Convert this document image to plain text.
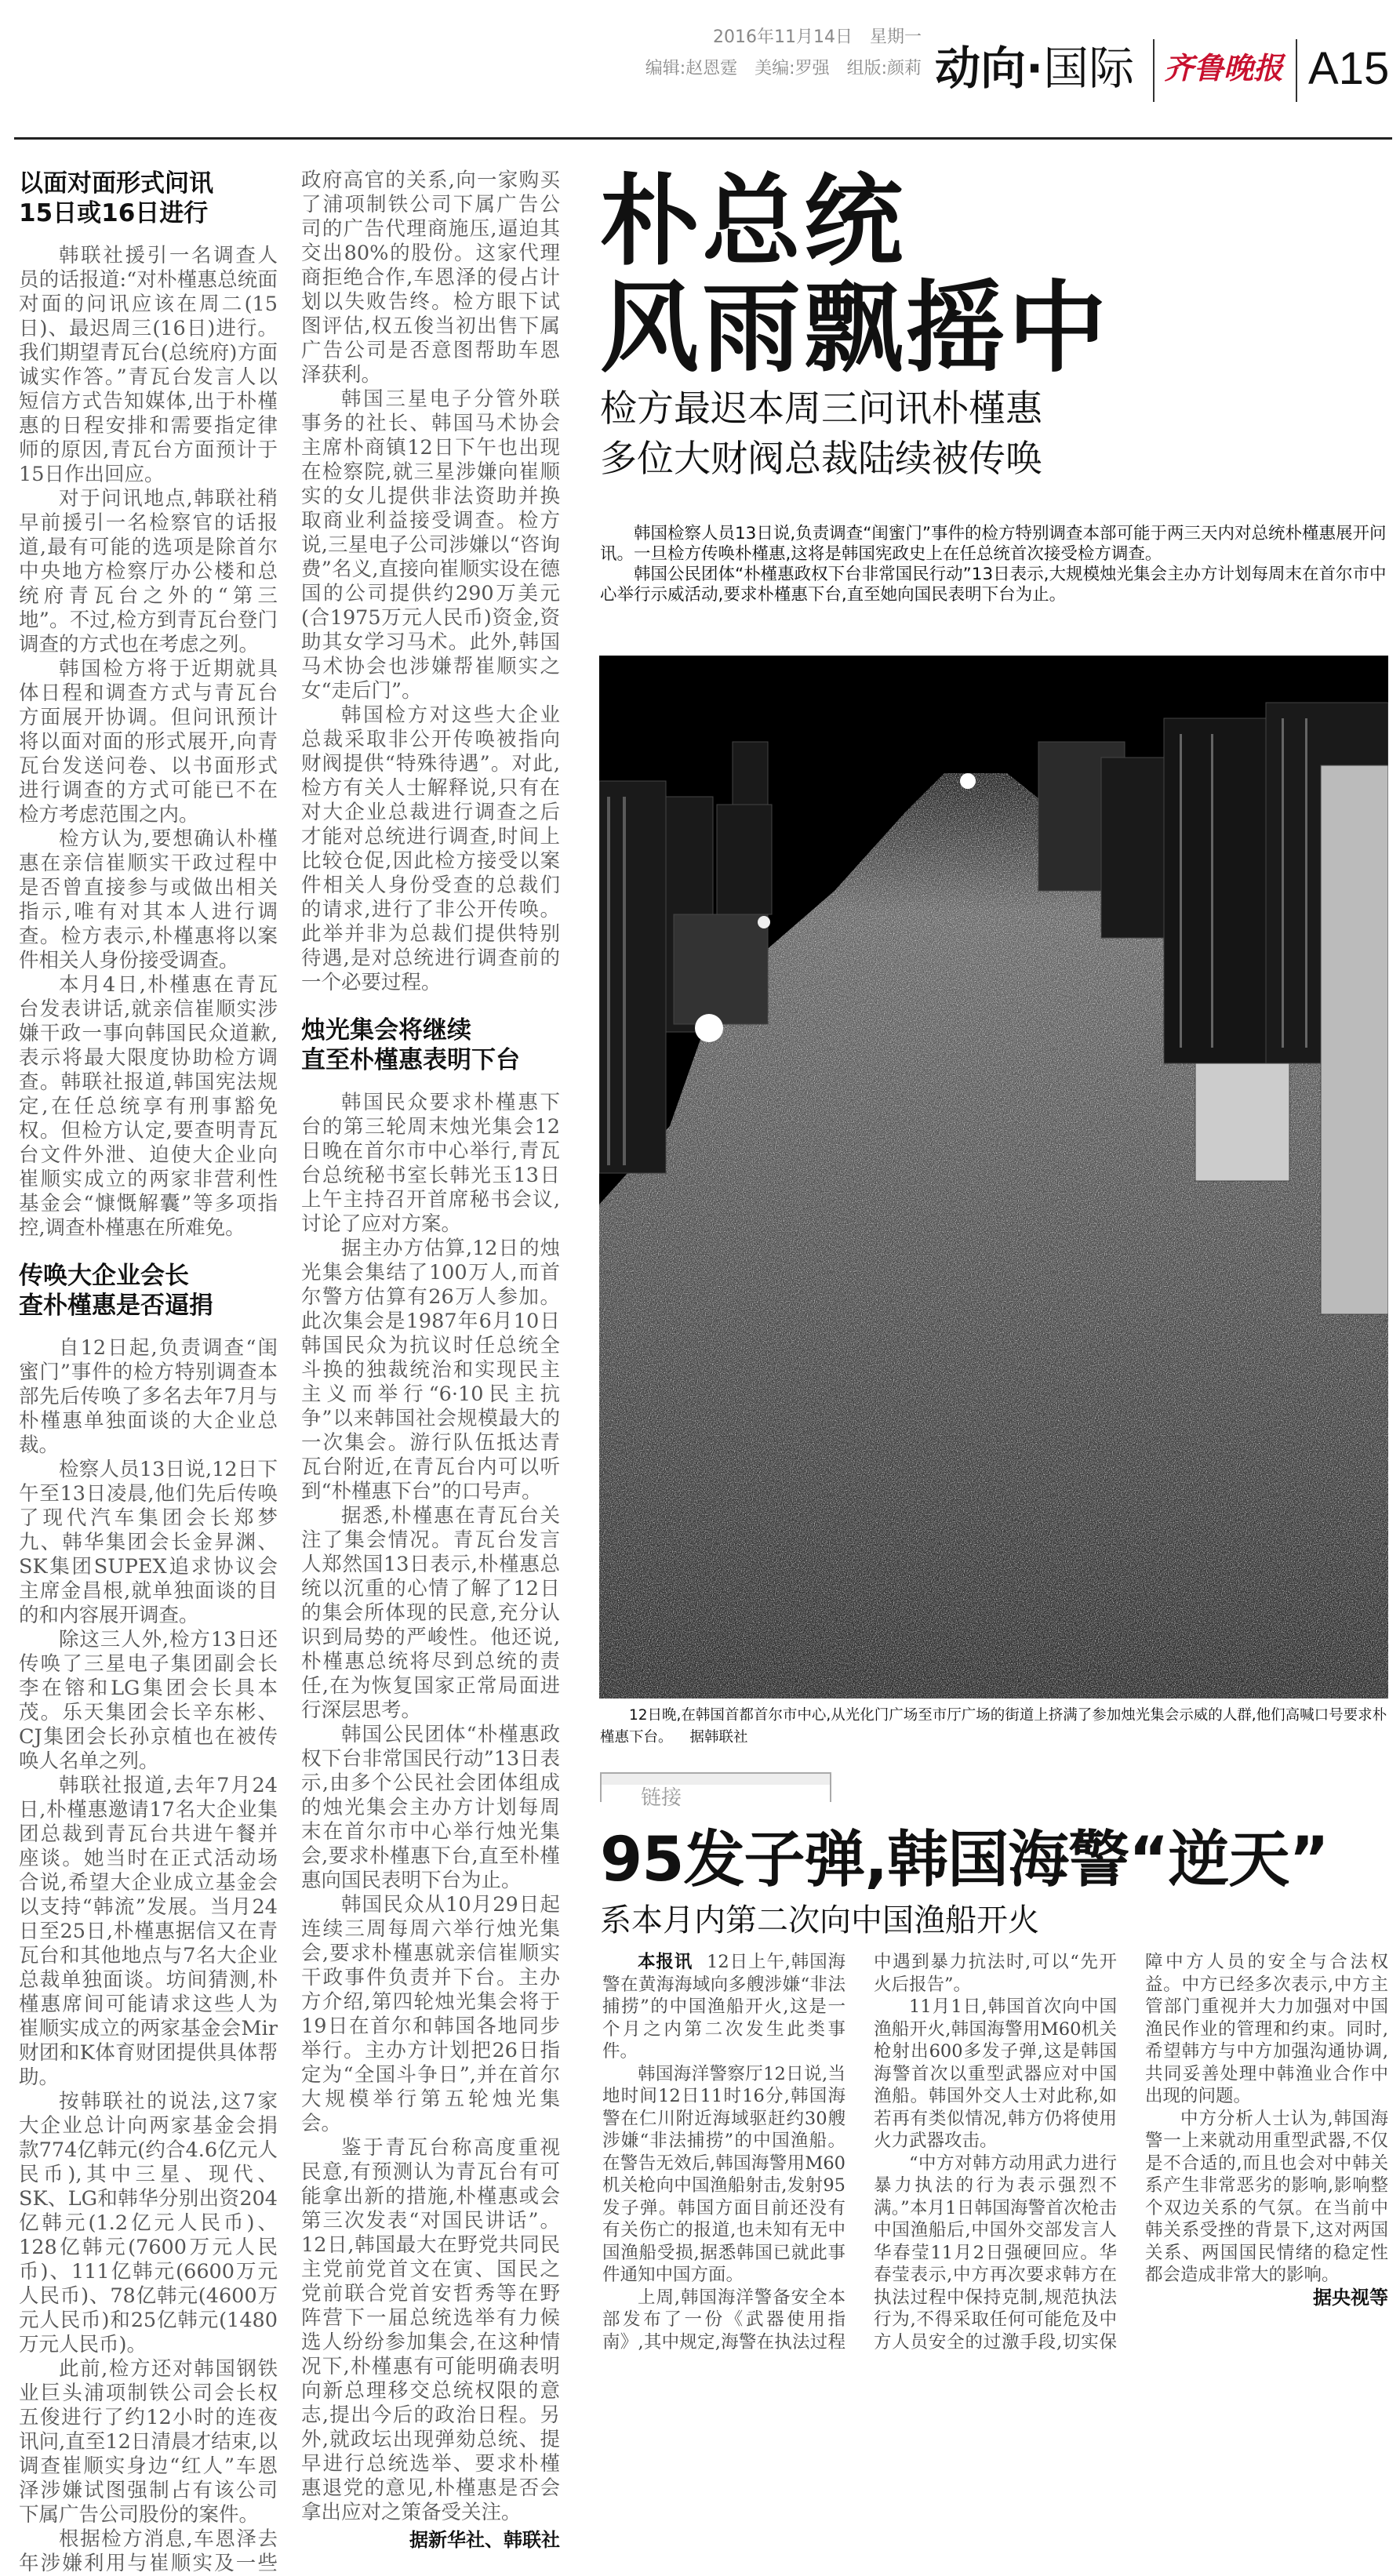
2016年11月14日　星期一
编辑:赵恩霆　美编:罗强　组版:颜莉 动向·国际 齐鲁晚报 A15
以面对面形式问讯
15日或16日进行

韩联社援引一名调查人员的话报道:“对朴槿惠总统面对面的问讯应该在周二(15日)、最迟周三(16日)进行。我们期望青瓦台(总统府)方面诚实作答。”青瓦台发言人以短信方式告知媒体,出于朴槿惠的日程安排和需要指定律师的原因,青瓦台方面预计于15日作出回应。

对于问讯地点,韩联社稍早前援引一名检察官的话报道,最有可能的选项是除首尔中央地方检察厅办公楼和总统府青瓦台之外的“第三地”。不过,检方到青瓦台登门调查的方式也在考虑之列。

韩国检方将于近期就具体日程和调查方式与青瓦台方面展开协调。但问讯预计将以面对面的形式展开,向青瓦台发送问卷、以书面形式进行调查的方式可能已不在检方考虑范围之内。

检方认为,要想确认朴槿惠在亲信崔顺实干政过程中是否曾直接参与或做出相关指示,唯有对其本人进行调查。检方表示,朴槿惠将以案件相关人身份接受调查。

本月4日,朴槿惠在青瓦台发表讲话,就亲信崔顺实涉嫌干政一事向韩国民众道歉,表示将最大限度协助检方调查。韩联社报道,韩国宪法规定,在任总统享有刑事豁免权。但检方认定,要查明青瓦台文件外泄、迫使大企业向崔顺实成立的两家非营利性基金会“慷慨解囊”等多项指控,调查朴槿惠在所难免。

传唤大企业会长
查朴槿惠是否逼捐

自12日起,负责调查“闺蜜门”事件的检方特别调查本部先后传唤了多名去年7月与朴槿惠单独面谈的大企业总裁。

检察人员13日说,12日下午至13日凌晨,他们先后传唤了现代汽车集团会长郑梦九、韩华集团会长金昇渊、SK集团SUPEX追求协议会主席金昌根,就单独面谈的目的和内容展开调查。

除这三人外,检方13日还传唤了三星电子集团副会长李在镕和LG集团会长具本茂。乐天集团会长辛东彬、CJ集团会长孙京植也在被传唤人名单之列。

韩联社报道,去年7月24日,朴槿惠邀请17名大企业集团总裁到青瓦台共进午餐并座谈。她当时在正式活动场合说,希望大企业成立基金会以支持“韩流”发展。当月24日至25日,朴槿惠据信又在青瓦台和其他地点与7名大企业总裁单独面谈。坊间猜测,朴槿惠席间可能请求这些人为崔顺实成立的两家基金会Mir财团和K体育财团提供具体帮助。

按韩联社的说法,这7家大企业总计向两家基金会捐款774亿韩元(约合4.6亿元人民币),其中三星、现代、SK、LG和韩华分别出资204亿韩元(1.2亿元人民币)、128亿韩元(7600万元人民币)、111亿韩元(6600万元人民币)、78亿韩元(4600万元人民币)和25亿韩元(1480万元人民币)。

此前,检方还对韩国钢铁业巨头浦项制铁公司会长权五俊进行了约12小时的连夜讯问,直至12日清晨才结束,以调查崔顺实身边“红人”车恩泽涉嫌试图强制占有该公司下属广告公司股份的案件。

根据检方消息,车恩泽去年涉嫌利用与崔顺实及一些政府高官的关系,向一家购买了浦项制铁公司下属广告公司的广告代理商施压,逼迫其交出80%的股份。这家代理商拒绝合作,车恩泽的侵占计划以失败告终。检方眼下试图评估,权五俊当初出售下属广告公司是否意图帮助车恩泽获利。

韩国三星电子分管外联事务的社长、韩国马术协会主席朴商镇12日下午也出现在检察院,就三星涉嫌向崔顺实的女儿提供非法资助并换取商业利益接受调查。检方说,三星电子公司涉嫌以“咨询费”名义,直接向崔顺实设在德国的公司提供约290万美元(合1975万元人民币)资金,资助其女学习马术。此外,韩国马术协会也涉嫌帮崔顺实之女“走后门”。

韩国检方对这些大企业总裁采取非公开传唤被指向财阀提供“特殊待遇”。对此,检方有关人士解释说,只有在对大企业总裁进行调查之后才能对总统进行调查,时间上比较仓促,因此检方接受以案件相关人身份受查的总裁们的请求,进行了非公开传唤。此举并非为总裁们提供特别待遇,是对总统进行调查前的一个必要过程。

烛光集会将继续
直至朴槿惠表明下台

韩国民众要求朴槿惠下台的第三轮周末烛光集会12日晚在首尔市中心举行,青瓦台总统秘书室长韩光玉13日上午主持召开首席秘书会议,讨论了应对方案。

据主办方估算,12日的烛光集会集结了100万人,而首尔警方估算有26万人参加。此次集会是1987年6月10日韩国民众为抗议时任总统全斗换的独裁统治和实现民主主义而举行“6·10民主抗争”以来韩国社会规模最大的一次集会。游行队伍抵达青瓦台附近,在青瓦台内可以听到“朴槿惠下台”的口号声。

据悉,朴槿惠在青瓦台关注了集会情况。青瓦台发言人郑然国13日表示,朴槿惠总统以沉重的心情了解了12日的集会所体现的民意,充分认识到局势的严峻性。他还说,朴槿惠总统将尽到总统的责任,在为恢复国家正常局面进行深层思考。

韩国公民团体“朴槿惠政权下台非常国民行动”13日表示,由多个公民社会团体组成的烛光集会主办方计划每周末在首尔市中心举行烛光集会,要求朴槿惠下台,直至朴槿惠向国民表明下台为止。

韩国民众从10月29日起连续三周每周六举行烛光集会,要求朴槿惠就亲信崔顺实干政事件负责并下台。主办方介绍,第四轮烛光集会将于19日在首尔和韩国各地同步举行。主办方计划把26日指定为“全国斗争日”,并在首尔大规模举行第五轮烛光集会。

鉴于青瓦台称高度重视民意,有预测认为青瓦台有可能拿出新的措施,朴槿惠或会第三次发表“对国民讲话”。12日,韩国最大在野党共同民主党前党首文在寅、国民之党前联合党首安哲秀等在野阵营下一届总统选举有力候选人纷纷参加集会,在这种情况下,朴槿惠有可能明确表明向新总理移交总统权限的意志,提出今后的政治日程。另外,就政坛出现弹劾总统、提早进行总统选举、要求朴槿惠退党的意见,朴槿惠是否会拿出应对之策备受关注。

据新华社、韩联社

朴总统
风雨飘摇中
检方最迟本周三问讯朴槿惠
多位大财阀总裁陆续被传唤

韩国检察人员13日说,负责调查“闺蜜门”事件的检方特别调查本部可能于两三天内对总统朴槿惠展开问讯。一旦检方传唤朴槿惠,这将是韩国宪政史上在任总统首次接受检方调查。

韩国公民团体“朴槿惠政权下台非常国民行动”13日表示,大规模烛光集会主办方计划每周末在首尔市中心举行示威活动,要求朴槿惠下台,直至她向国民表明下台为止。

12日晚,在韩国首都首尔市中心,从光化门广场至市厅广场的街道上挤满了参加烛光集会示威的人群,他们高喊口号要求朴槿惠下台。 据韩联社
链接
95发子弹,韩国海警“逆天”
系本月内第二次向中国渔船开火

本报讯 12日上午,韩国海警在黄海海域向多艘涉嫌“非法捕捞”的中国渔船开火,这是一个月之内第二次发生此类事件。

韩国海洋警察厅12日说,当地时间12日11时16分,韩国海警在仁川附近海域驱赶约30艘涉嫌“非法捕捞”的中国渔船。在警告无效后,韩国海警用M60机关枪向中国渔船射击,发射95发子弹。韩国方面目前还没有有关伤亡的报道,也未知有无中国渔船受损,据悉韩国已就此事件通知中国方面。

上周,韩国海洋警备安全本部发布了一份《武器使用指南》,其中规定,海警在执法过程中遇到暴力抗法时,可以“先开火后报告”。

11月1日,韩国首次向中国渔船开火,韩国海警用M60机关枪射出600多发子弹,这是韩国海警首次以重型武器应对中国渔船。韩国外交人士对此称,如若再有类似情况,韩方仍将使用火力武器攻击。

“中方对韩方动用武力进行暴力执法的行为表示强烈不满。”本月1日韩国海警首次枪击中国渔船后,中国外交部发言人华春莹11月2日强硬回应。华春莹表示,中方再次要求韩方在执法过程中保持克制,规范执法行为,不得采取任何可能危及中方人员安全的过激手段,切实保障中方人员的安全与合法权益。中方已经多次表示,中方主管部门重视并大力加强对中国渔民作业的管理和约束。同时,希望韩方与中方加强沟通协调,共同妥善处理中韩渔业合作中出现的问题。

中方分析人士认为,韩国海警一上来就动用重型武器,不仅是不合适的,而且也会对中韩关系产生非常恶劣的影响,影响整个双边关系的气氛。在当前中韩关系受挫的背景下,这对两国关系、两国国民情绪的稳定性都会造成非常大的影响。
据央视等
